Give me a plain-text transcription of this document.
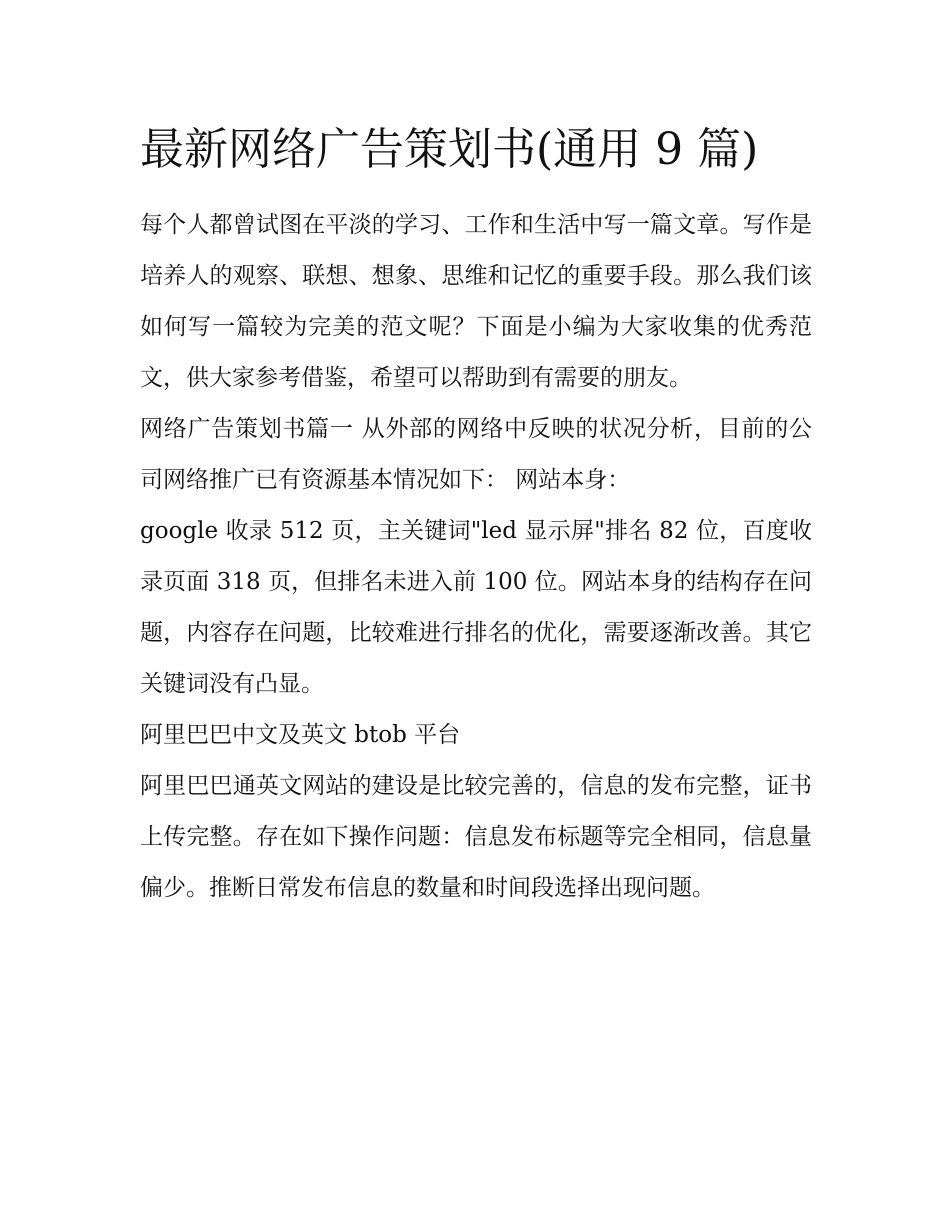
最新网络广告策划书(通用 9 篇)

每个人都曾试图在平淡的学习、工作和生活中写一篇文章。写作是培养人的观察、联想、想象、思维和记忆的重要手段。那么我们该如何写一篇较为完美的范文呢？下面是小编为大家收集的优秀范文，供大家参考借鉴，希望可以帮助到有需要的朋友。

网络广告策划书篇一 从外部的网络中反映的状况分析，目前的公司网络推广已有资源基本情况如下： 网站本身：

google 收录 512 页，主关键词"led 显示屏"排名 82 位，百度收录页面 318 页，但排名未进入前 100 位。网站本身的结构存在问题，内容存在问题，比较难进行排名的优化，需要逐渐改善。其它关键词没有凸显。

阿里巴巴中文及英文 btob 平台

阿里巴巴通英文网站的建设是比较完善的，信息的发布完整，证书上传完整。存在如下操作问题：信息发布标题等完全相同，信息量偏少。推断日常发布信息的数量和时间段选择出现问题。
